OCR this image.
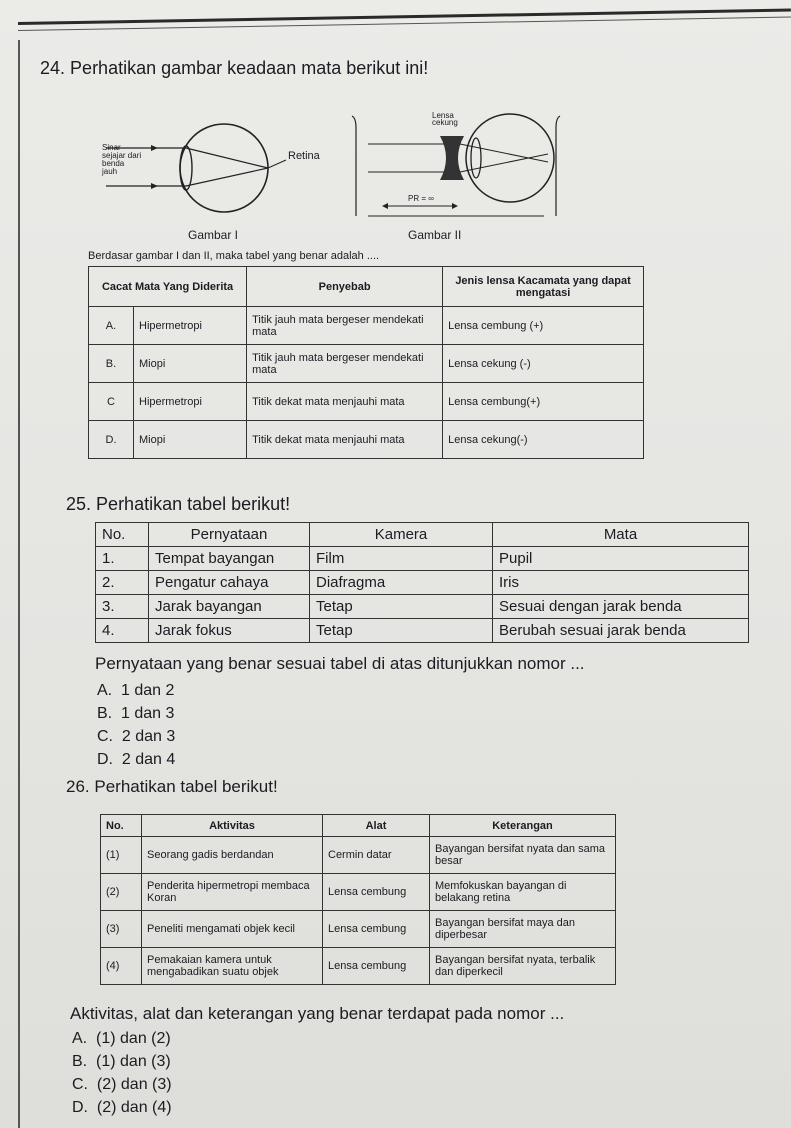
24. Perhatikan gambar keadaan mata berikut ini!
Sinar
sejajar dari
benda
jauh
Retina
Gambar I
Lensa
cekung
PR = ∞
Gambar II
Berdasar gambar I dan II, maka tabel yang benar adalah ....
Cacat Mata Yang Diderita		Penyebab	Jenis lensa Kacamata yang dapat mengatasi
A.	Hipermetropi	Titik jauh mata bergeser mendekati mata	Lensa cembung (+)
B.	Miopi	Titik jauh mata bergeser mendekati mata	Lensa cekung (-)
C	Hipermetropi	Titik dekat mata menjauhi mata	Lensa cembung(+)
D.	Miopi	Titik dekat mata menjauhi mata	Lensa cekung(-)
25. Perhatikan tabel berikut!
No.	Pernyataan	Kamera	Mata
1.	Tempat bayangan	Film	Pupil
2.	Pengatur cahaya	Diafragma	Iris
3.	Jarak bayangan	Tetap	Sesuai dengan jarak benda
4.	Jarak fokus	Tetap	Berubah sesuai jarak benda
Pernyataan yang benar sesuai tabel di atas ditunjukkan nomor ...
A. 1 dan 2
B. 1 dan 3
C. 2 dan 3
D. 2 dan 4
26. Perhatikan tabel berikut!
No.	Aktivitas	Alat	Keterangan
(1)	Seorang gadis berdandan	Cermin datar	Bayangan bersifat nyata dan sama besar
(2)	Penderita hipermetropi membaca Koran	Lensa cembung	Memfokuskan bayangan di belakang retina
(3)	Peneliti mengamati objek kecil	Lensa cembung	Bayangan bersifat maya dan diperbesar
(4)	Pemakaian kamera untuk mengabadikan suatu objek	Lensa cembung	Bayangan bersifat nyata, terbalik dan diperkecil
Aktivitas, alat dan keterangan yang benar terdapat pada nomor ...
A. (1) dan (2)
B. (1) dan (3)
C. (2) dan (3)
D. (2) dan (4)
